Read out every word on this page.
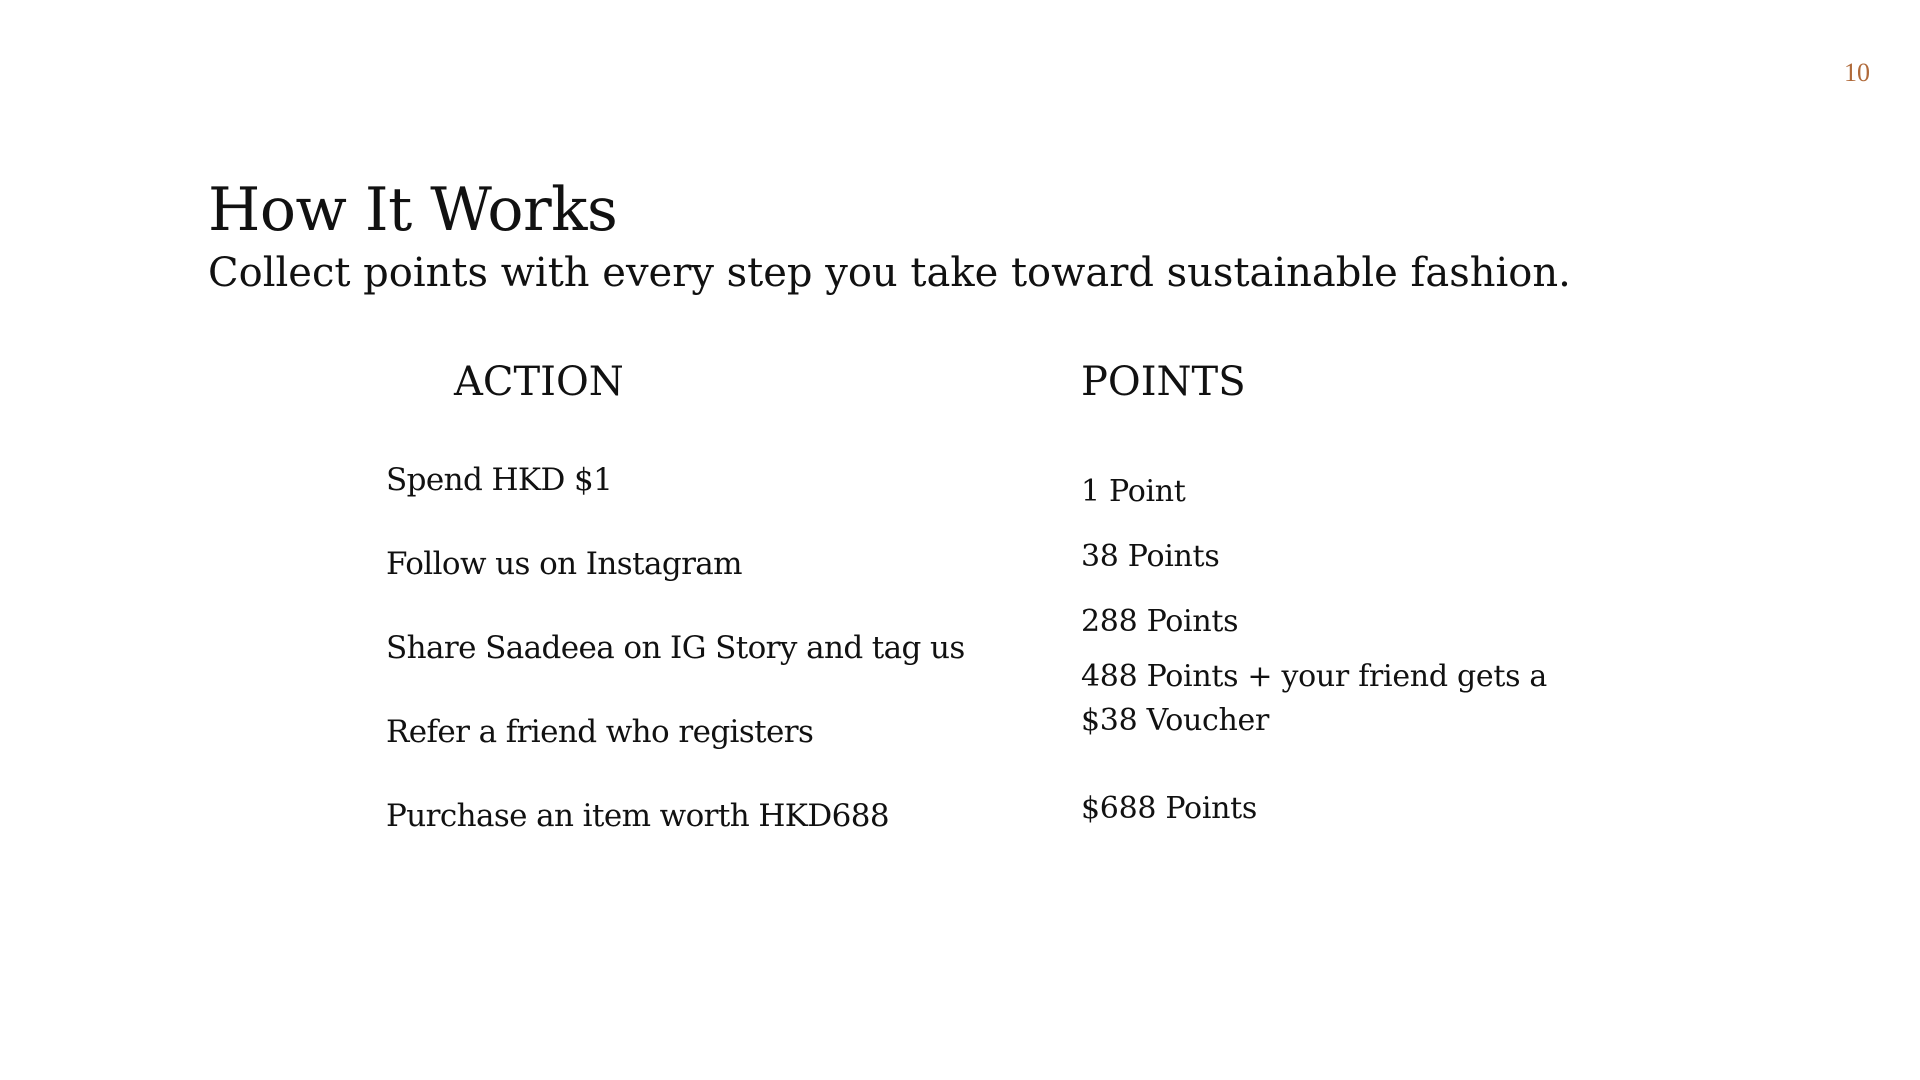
10
How It Works

Collect points with every step you take toward sustainable fashion.

ACTION	POINTS
Spend HKD $1
Follow us on Instagram
Share Saadeea on IG Story and tag us
Refer a friend who registers
Purchase an item worth HKD688
1 Point
38 Points
288 Points
488 Points + your friend gets a $38 Voucher
$688 Points
